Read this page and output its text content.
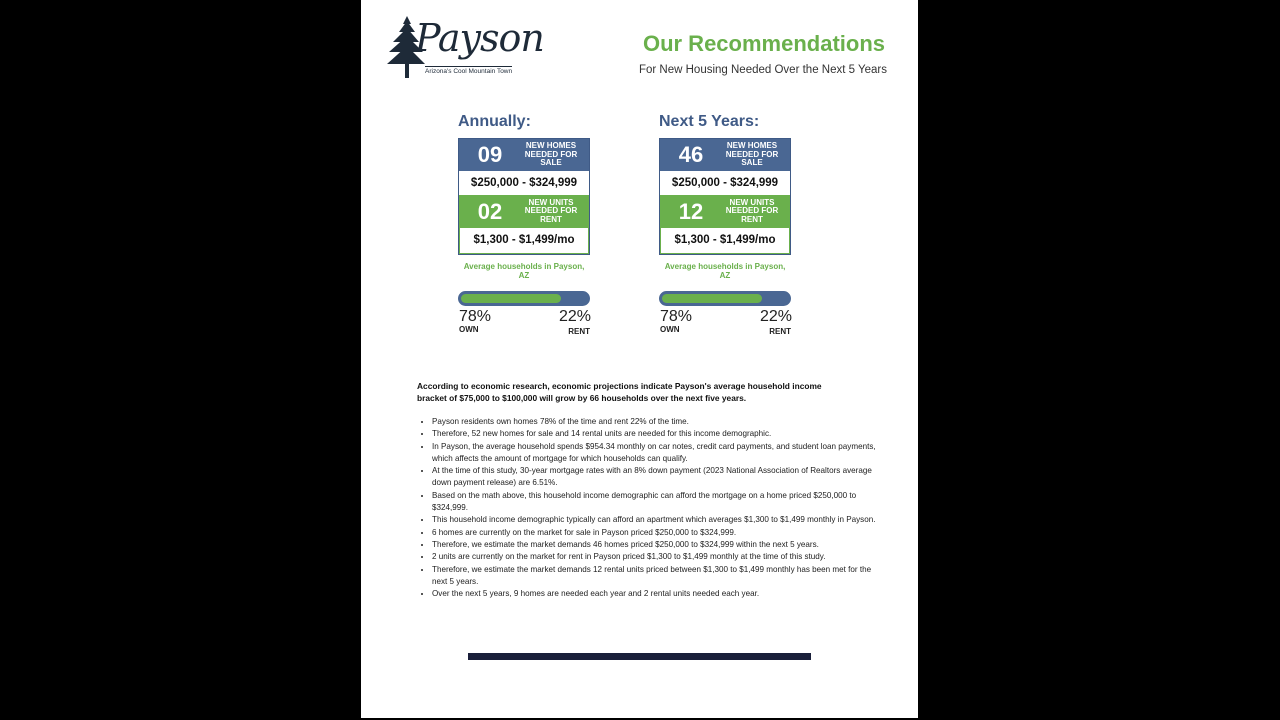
Payson
Arizona's Cool Mountain Town
Our Recommendations
For New Housing Needed Over the Next 5 Years
Annually:
09	NEW HOMES NEEDED FOR SALE
$250,000 - $324,999
02	NEW UNITS NEEDED FOR RENT
$1,300 - $1,499/mo
Average households in Payson, AZ
78%	22%
OWN	RENT
Next 5 Years:
46	NEW HOMES NEEDED FOR SALE
$250,000 - $324,999
12	NEW UNITS NEEDED FOR RENT
$1,300 - $1,499/mo
Average households in Payson, AZ
78%	22%
OWN	RENT
According to economic research, economic projections indicate Payson's average household income bracket of $75,000 to $100,000 will grow by 66 households over the next five years.
• Payson residents own homes 78% of the time and rent 22% of the time.
• Therefore, 52 new homes for sale and 14 rental units are needed for this income demographic.
• In Payson, the average household spends $954.34 monthly on car notes, credit card payments, and student loan payments, which affects the amount of mortgage for which households can qualify.
• At the time of this study, 30-year mortgage rates with an 8% down payment (2023 National Association of Realtors average down payment release) are 6.51%.
• Based on the math above, this household income demographic can afford the mortgage on a home priced $250,000 to $324,999.
• This household income demographic typically can afford an apartment which averages $1,300 to $1,499 monthly in Payson.
• 6 homes are currently on the market for sale in Payson priced $250,000 to $324,999.
• Therefore, we estimate the market demands 46 homes priced $250,000 to $324,999 within the next 5 years.
• 2 units are currently on the market for rent in Payson priced $1,300 to $1,499 monthly at the time of this study.
• Therefore, we estimate the market demands 12 rental units priced between $1,300 to $1,499 monthly has been met for the next 5 years.
• Over the next 5 years, 9 homes are needed each year and 2 rental units needed each year.
